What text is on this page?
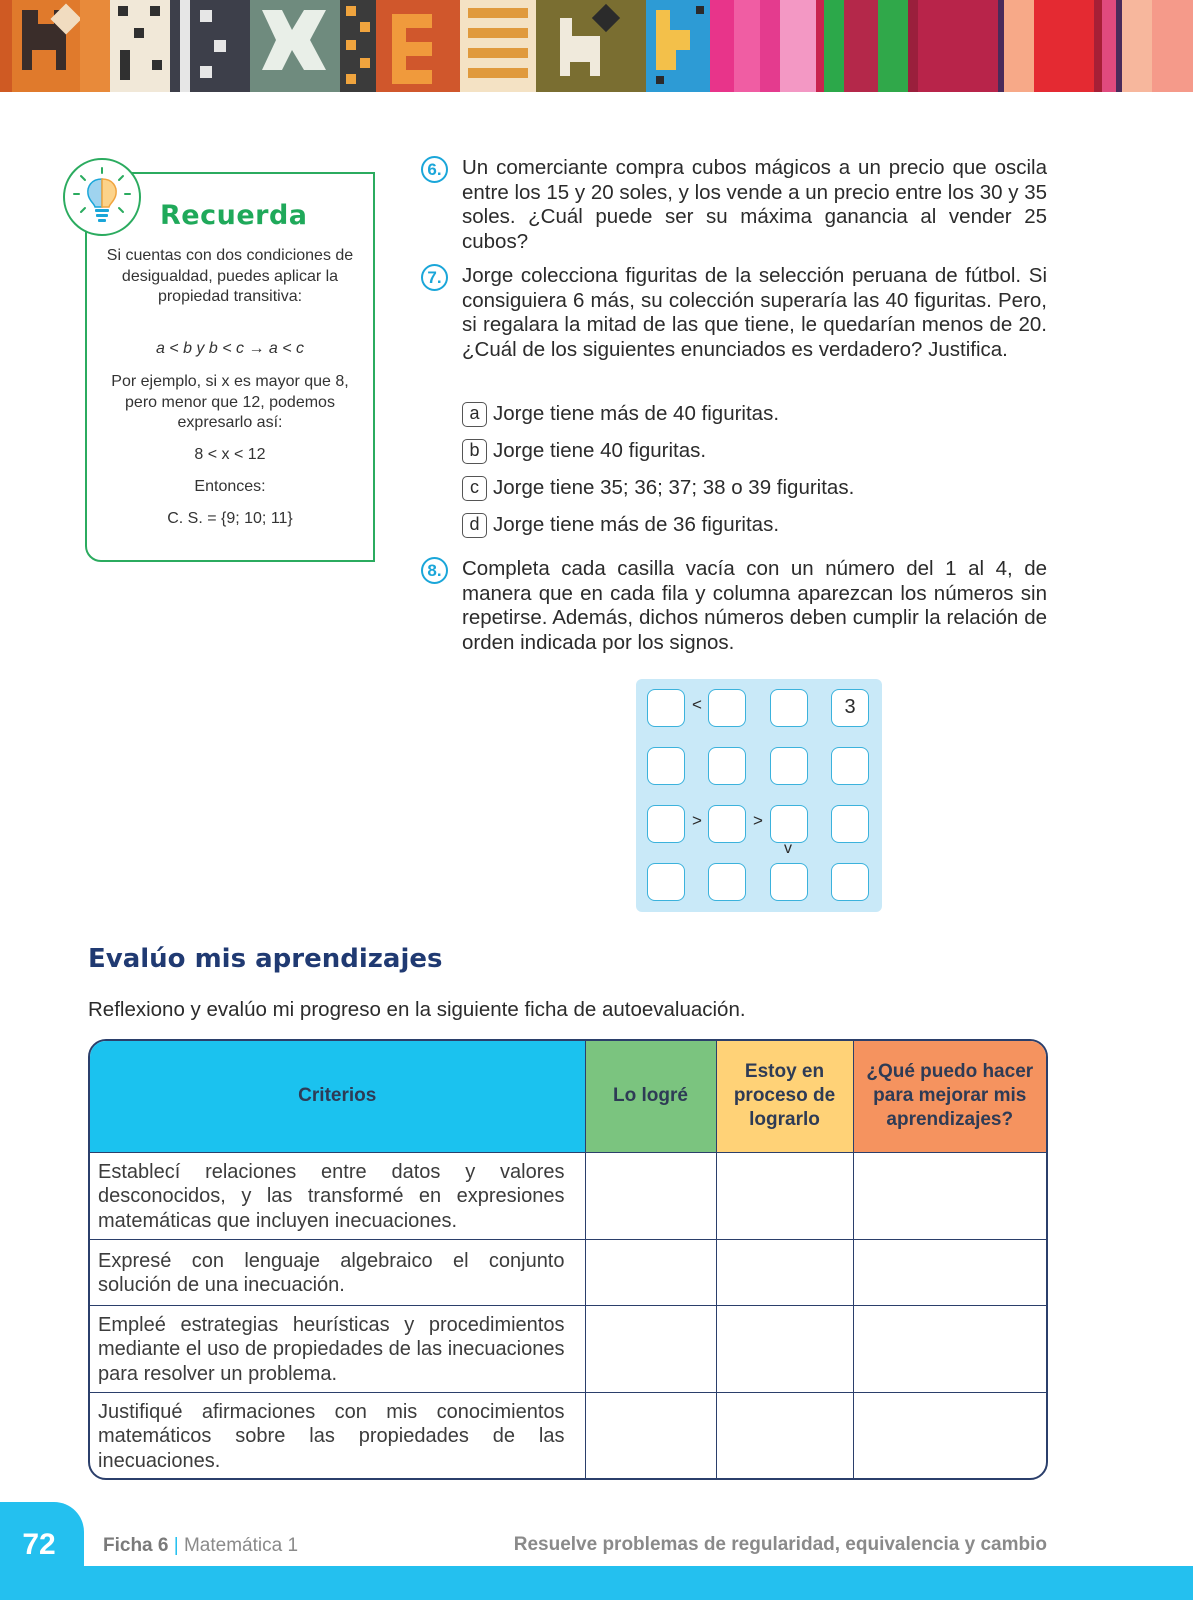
Recuerda
Si cuentas con dos condiciones de desigualdad, puedes aplicar la propiedad transitiva:
a < b y b < c → a < c
Por ejemplo, si x es mayor que 8, pero menor que 12, podemos expresarlo así:
8 < x < 12
Entonces:
C. S. = {9; 10; 11}
6. Un comerciante compra cubos mágicos a un precio que oscila entre los 15 y 20 soles, y los vende a un precio entre los 30 y 35 soles. ¿Cuál puede ser su máxima ganancia al vender 25 cubos?
7. Jorge colecciona figuritas de la selección peruana de fútbol. Si consiguiera 6 más, su colección superaría las 40 figuritas. Pero, si regalara la mitad de las que tiene, le quedarían menos de 20. ¿Cuál de los siguientes enunciados es verdadero? Justifica.
a Jorge tiene más de 40 figuritas.
b Jorge tiene 40 figuritas.
c Jorge tiene 35; 36; 37; 38 o 39 figuritas.
d Jorge tiene más de 36 figuritas.
8. Completa cada casilla vacía con un número del 1 al 4, de manera que en cada fila y columna aparezcan los números sin repetirse. Además, dichos números deben cumplir la relación de orden indicada por los signos.
<	3
>	>
v
Evalúo mis aprendizajes
Reflexiono y evalúo mi progreso en la siguiente ficha de autoevaluación.
Criterios	Lo logré	Estoy en proceso de lograrlo	¿Qué puedo hacer para mejorar mis aprendizajes?

Establecí relaciones entre datos y valores desconocidos, y las transformé en expresiones matemáticas que incluyen inecuaciones.			
Expresé con lenguaje algebraico el conjunto solución de una inecuación.			
Empleé estrategias heurísticas y procedimientos mediante el uso de propiedades de las inecuaciones para resolver un problema.			
Justifiqué afirmaciones con mis conocimientos matemáticos sobre las propiedades de las inecuaciones.			
72	Ficha 6 | Matemática 1	Resuelve problemas de regularidad, equivalencia y cambio
